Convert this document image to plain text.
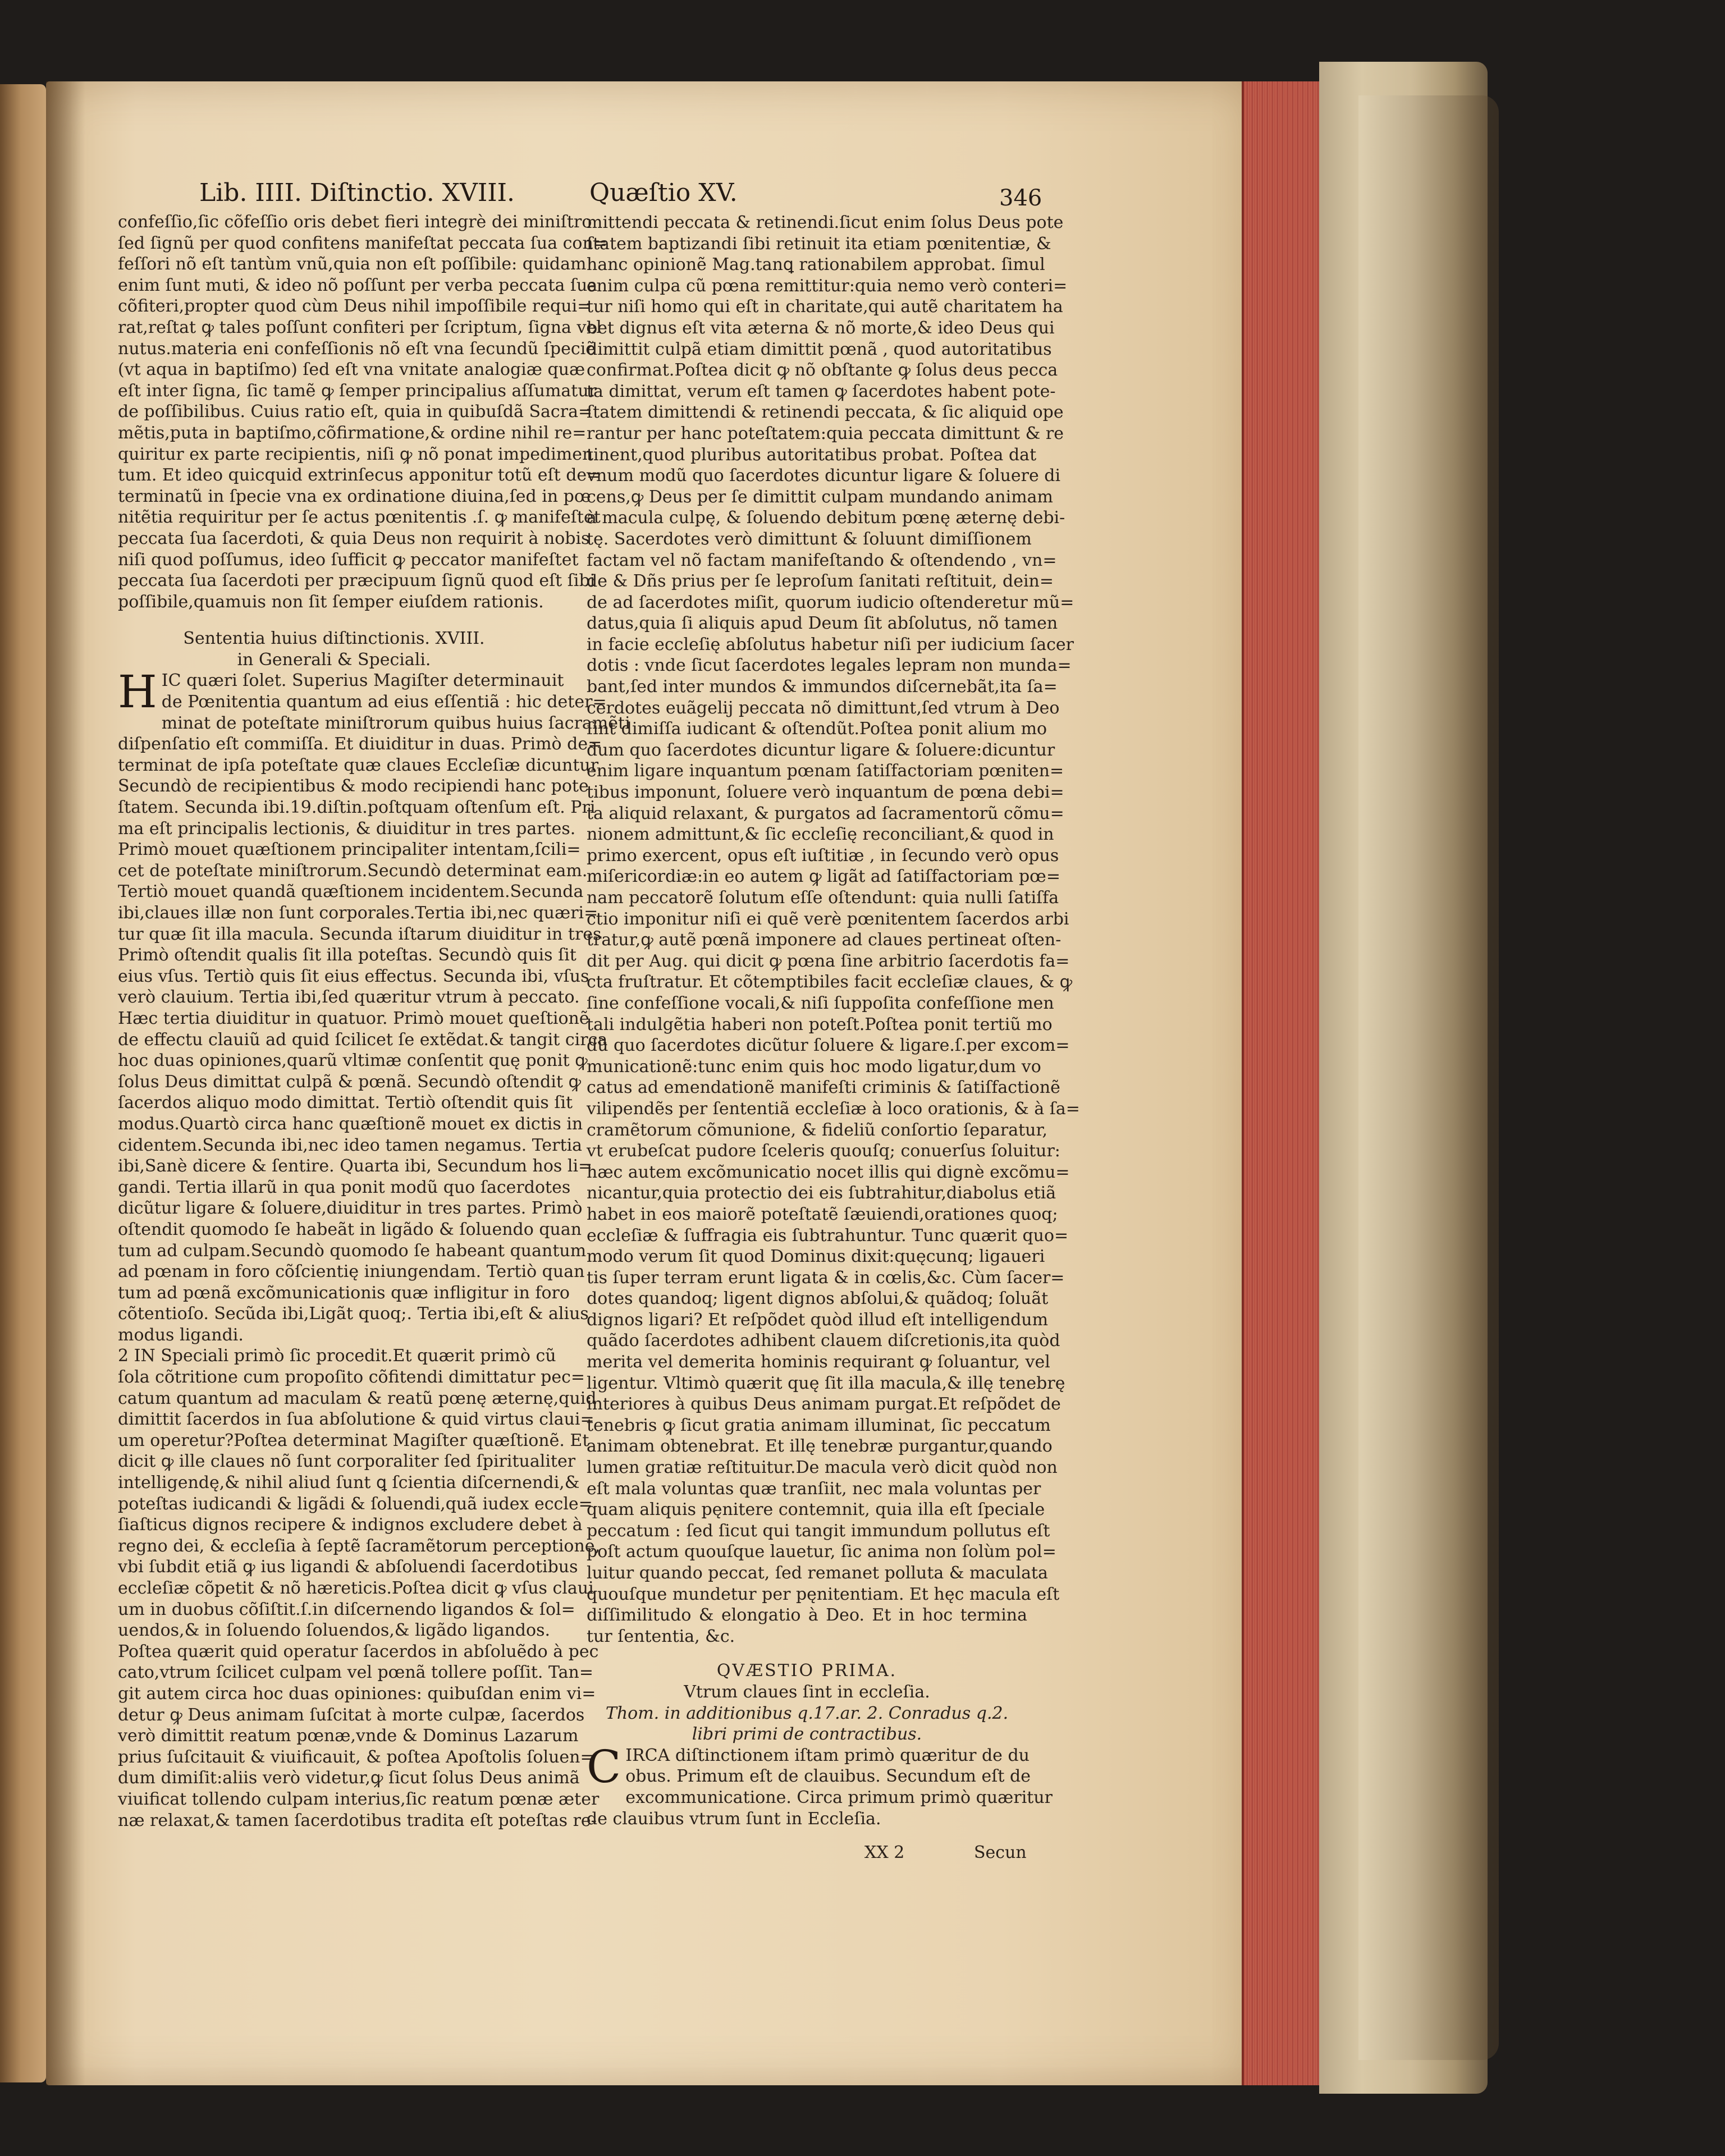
Lib. IIII. Diſtinctio. XVIII.	Quæſtio XV.	346
confeſſio,ſic cõfeſſio oris debet fieri integrè dei miniſtro
ſed ſignũ per quod confitens manifeſtat peccata ſua con=
feſſori nõ eſt tantùm vnũ,quia non eſt poſſibile: quidam
enim ſunt muti, & ideo nõ poſſunt per verba peccata ſua
cõfiteri,propter quod cùm Deus nihil impoſſibile requi=
rat,reſtat ꝙ tales poſſunt confiteri per ſcriptum, ſigna vel
nutus.materia eni confeſſionis nõ eſt vna ſecundũ ſpeciẽ
(vt aqua in baptiſmo) ſed eſt vna vnitate analogiæ quæ
eſt inter ſigna, ſic tamẽ ꝙ ſemper principalius aſſumatur
de poſſibilibus. Cuius ratio eſt, quia in quibuſdã Sacra=
mẽtis,puta in baptiſmo,cõfirmatione,& ordine nihil re=
quiritur ex parte recipientis, niſi ꝙ nõ ponat impedimen
tum. Et ideo quicquid extrinſecus apponitur totũ eſt de=
terminatũ in ſpecie vna ex ordinatione diuina,ſed in pœ
nitẽtia requiritur per ſe actus pœnitentis .ſ. ꝙ manifeſtet
peccata ſua ſacerdoti, & quia Deus non requirit à nobis
niſi quod poſſumus, ideo ſufficit ꝙ peccator manifeſtet
peccata ſua ſacerdoti per præcipuum ſignũ quod eſt ſibi
poſſibile,quamuis non ſit ſemper eiuſdem rationis.
Sententia huius diſtinctionis. XVIII.
in Generali & Speciali.
H IC quæri ſolet. Superius Magiſter determinauit
de Pœnitentia quantum ad eius eſſentiã : hic deter=
minat de poteſtate miniſtrorum quibus huius ſacramẽti
diſpenſatio eſt commiſſa. Et diuiditur in duas. Primò de=
terminat de ipſa poteſtate quæ claues Eccleſiæ dicuntur.
Secundò de recipientibus & modo recipiendi hanc pote
ſtatem. Secunda ibi.19.diſtin.poſtquam oſtenſum eſt. Pri
ma eſt principalis lectionis, & diuiditur in tres partes.
Primò mouet quæſtionem principaliter intentam,ſcili=
cet de poteſtate miniſtrorum.Secundò determinat eam.
Tertiò mouet quandã quæſtionem incidentem.Secunda
ibi,claues illæ non ſunt corporales.Tertia ibi,nec quæri=
tur quæ ſit illa macula. Secunda iſtarum diuiditur in tres
Primò oſtendit qualis ſit illa poteſtas. Secundò quis ſit
eius vſus. Tertiò quis ſit eius effectus. Secunda ibi, vſus
verò clauium. Tertia ibi,ſed quæritur vtrum à peccato.
Hæc tertia diuiditur in quatuor. Primò mouet queſtionẽ
de effectu clauiũ ad quid ſcilicet ſe extẽdat.& tangit circa
hoc duas opiniones,quarũ vltimæ conſentit quę ponit ꝙ
ſolus Deus dimittat culpã & pœnã. Secundò oſtendit ꝙ
ſacerdos aliquo modo dimittat. Tertiò oſtendit quis ſit
modus.Quartò circa hanc quæſtionẽ mouet ex dictis in
cidentem.Secunda ibi,nec ideo tamen negamus. Tertia
ibi,Sanè dicere & ſentire. Quarta ibi, Secundum hos li=
gandi. Tertia illarũ in qua ponit modũ quo ſacerdotes
dicũtur ligare & ſoluere,diuiditur in tres partes. Primò
oſtendit quomodo ſe habeãt in ligãdo & ſoluendo quan
tum ad culpam.Secundò quomodo ſe habeant quantum
ad pœnam in foro cõſcientię iniungendam. Tertiò quan
tum ad pœnã excõmunicationis quæ infligitur in foro
cõtentioſo. Secũda ibi,Ligãt quoq;. Tertia ibi,eſt & alius
modus ligandi.
2 IN Speciali primò ſic procedit.Et quærit primò cũ
ſola cõtritione cum propoſito cõfitendi dimittatur pec=
catum quantum ad maculam & reatũ pœnę æternę,quid
dimittit ſacerdos in ſua abſolutione & quid virtus claui=
um operetur?Poſtea determinat Magiſter quæſtionẽ. Et
dicit ꝙ ille claues nõ ſunt corporaliter ſed ſpiritualiter
intelligendę,& nihil aliud ſunt ꝗ ſcientia diſcernendi,&
poteſtas iudicandi & ligãdi & ſoluendi,quã iudex eccle=
ſiaſticus dignos recipere & indignos excludere debet à
regno dei, & eccleſia à ſeptẽ ſacramẽtorum perceptione,
vbi ſubdit etiã ꝙ ius ligandi & abſoluendi ſacerdotibus
eccleſiæ cõpetit & nõ hæreticis.Poſtea dicit ꝙ vſus claui
um in duobus cõſiſtit.ſ.in diſcernendo ligandos & ſol=
uendos,& in ſoluendo ſoluendos,& ligãdo ligandos.
Poſtea quærit quid operatur ſacerdos in abſoluẽdo à pec
cato,vtrum ſcilicet culpam vel pœnã tollere poſſit. Tan=
git autem circa hoc duas opiniones: quibuſdan enim vi=
detur ꝙ Deus animam ſuſcitat à morte culpæ, ſacerdos
verò dimittit reatum pœnæ,vnde & Dominus Lazarum
prius ſuſcitauit & viuificauit, & poſtea Apoſtolis ſoluen=
dum dimiſit:aliis verò videtur,ꝙ ſicut ſolus Deus animã
viuificat tollendo culpam interius,ſic reatum pœnæ æter
næ relaxat,& tamen ſacerdotibus tradita eſt poteſtas re-
mittendi peccata & retinendi.ſicut enim ſolus Deus pote
ſtatem baptizandi ſibi retinuit ita etiam pœnitentiæ, &
hanc opinionẽ Mag.tanꝗ rationabilem approbat. ſimul
enim culpa cũ pœna remittitur:quia nemo verò conteri=
tur niſi homo qui eſt in charitate,qui autẽ charitatem ha
bet dignus eſt vita æterna & nõ morte,& ideo Deus qui
dimittit culpã etiam dimittit pœnã , quod autoritatibus
confirmat.Poſtea dicit ꝙ nõ obſtante ꝙ ſolus deus pecca
ta dimittat, verum eſt tamen ꝙ ſacerdotes habent pote-
ſtatem dimittendi & retinendi peccata, & ſic aliquid ope
rantur per hanc poteſtatem:quia peccata dimittunt & re
tinent,quod pluribus autoritatibus probat. Poſtea dat
vnum modũ quo ſacerdotes dicuntur ligare & ſoluere di
cens,ꝙ Deus per ſe dimittit culpam mundando animam
à macula culpę, & ſoluendo debitum pœnę æternę debi-
tę. Sacerdotes verò dimittunt & ſoluunt dimiſſionem
factam vel nõ factam manifeſtando & oſtendendo , vn=
de & Dñs prius per ſe leproſum ſanitati reſtituit, dein=
de ad ſacerdotes miſit, quorum iudicio oſtenderetur mũ=
datus,quia ſi aliquis apud Deum ſit abſolutus, nõ tamen
in facie eccleſię abſolutus habetur niſi per iudicium ſacer
dotis : vnde ſicut ſacerdotes legales lepram non munda=
bant,ſed inter mundos & immundos diſcernebãt,ita ſa=
cerdotes euãgelij peccata nõ dimittunt,ſed vtrum à Deo
ſint dimiſſa iudicant & oſtendũt.Poſtea ponit alium mo
dum quo ſacerdotes dicuntur ligare & ſoluere:dicuntur
enim ligare inquantum pœnam ſatiſfactoriam pœniten=
tibus imponunt, ſoluere verò inquantum de pœna debi=
ta aliquid relaxant, & purgatos ad ſacramentorũ cõmu=
nionem admittunt,& ſic eccleſię reconciliant,& quod in
primo exercent, opus eſt iuſtitiæ , in ſecundo verò opus
miſericordiæ:in eo autem ꝙ ligãt ad ſatiſfactoriam pœ=
nam peccatorẽ ſolutum eſſe oſtendunt: quia nulli ſatiſfa
ctio imponitur niſi ei quẽ verè pœnitentem ſacerdos arbi
tratur,ꝙ autẽ pœnã imponere ad claues pertineat oſten-
dit per Aug. qui dicit ꝙ pœna ſine arbitrio ſacerdotis fa=
cta fruſtratur. Et cõtemptibiles facit eccleſiæ claues, & ꝙ
ſine confeſſione vocali,& niſi ſuppoſita confeſſione men
tali indulgẽtia haberi non poteſt.Poſtea ponit tertiũ mo
dũ quo ſacerdotes dicũtur ſoluere & ligare.ſ.per excom=
municationẽ:tunc enim quis hoc modo ligatur,dum vo
catus ad emendationẽ manifeſti criminis & ſatiſfactionẽ
vilipendẽs per ſententiã eccleſiæ à loco orationis, & à ſa=
cramẽtorum cõmunione, & fideliũ conſortio ſeparatur,
vt erubeſcat pudore ſceleris quouſq; conuerſus ſoluitur:
hæc autem excõmunicatio nocet illis qui dignè excõmu=
nicantur,quia protectio dei eis ſubtrahitur,diabolus etiã
habet in eos maiorẽ poteſtatẽ ſæuiendi,orationes quoq;
eccleſiæ & ſuffragia eis ſubtrahuntur. Tunc quærit quo=
modo verum ſit quod Dominus dixit:quęcunq; ligaueri
tis ſuper terram erunt ligata & in cœlis,&c. Cùm ſacer=
dotes quandoq; ligent dignos abſolui,& quãdoq; ſoluãt
dignos ligari? Et reſpõdet quòd illud eſt intelligendum
quãdo ſacerdotes adhibent clauem diſcretionis,ita quòd
merita vel demerita hominis requirant ꝙ ſoluantur, vel
ligentur. Vltimò quærit quę ſit illa macula,& illę tenebrę
interiores à quibus Deus animam purgat.Et reſpõdet de
tenebris ꝙ ſicut gratia animam illuminat, ſic peccatum
animam obtenebrat. Et illę tenebræ purgantur,quando
lumen gratiæ reſtituitur.De macula verò dicit quòd non
eſt mala voluntas quæ tranſiit, nec mala voluntas per
quam aliquis pęnitere contemnit, quia illa eſt ſpeciale
peccatum : ſed ſicut qui tangit immundum pollutus eſt
poſt actum quouſque lauetur, ſic anima non ſolùm pol=
luitur quando peccat, ſed remanet polluta & maculata
quouſque mundetur per pęnitentiam. Et hęc macula eſt
diſſimilitudo & elongatio à Deo. Et in hoc termina
tur ſententia, &c.
QVÆSTIO PRIMA.
Vtrum claues ſint in eccleſia.
Thom. in additionibus q.17.ar. 2. Conradus q.2.
libri primi de contractibus.
C IRCA diſtinctionem iſtam primò quæritur de du
obus. Primum eſt de clauibus. Secundum eſt de
excommunicatione. Circa primum primò quæritur
de clauibus vtrum ſunt in Eccleſia.
XX 2	Secun
